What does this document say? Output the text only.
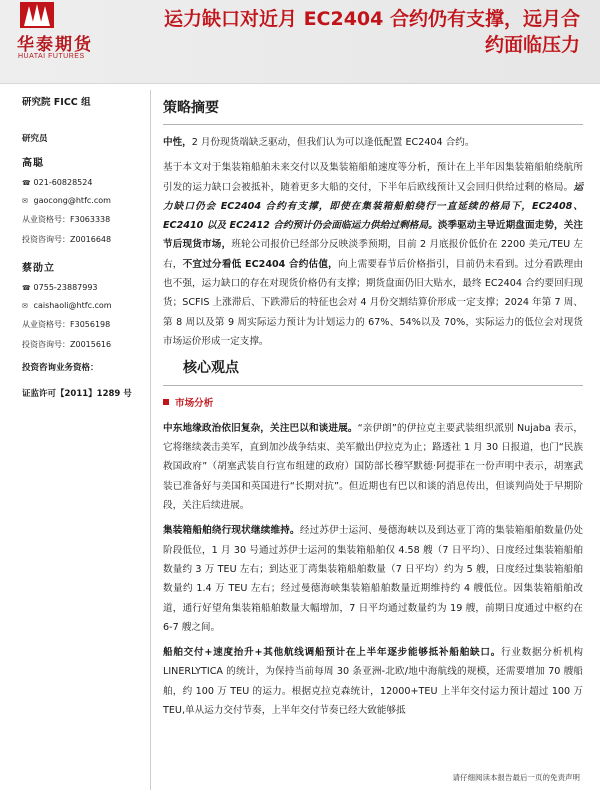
华泰期货
HUATAI FUTURES
运力缺口对近月 EC2404 合约仍有支撑，远月合
约面临压力
研究院 FICC 组
研究员
高聪
☎ 021-60828524
✉ gaocong@htfc.com
从业资格号：F3063338
投资咨询号：Z0016648
蔡劭立
☎ 0755-23887993
✉ caishaoli@htfc.com
从业资格号：F3056198
投资咨询号：Z0015616
投资咨询业务资格：
证监许可【2011】1289 号
策略摘要

中性，2 月份现货端缺乏驱动，但我们认为可以逢低配置 EC2404 合约。

基于本文对于集装箱船舶未来交付以及集装箱船舶速度等分析，预计在上半年因集装箱船舶绕航所引发的运力缺口会被抵补，随着更多大船的交付，下半年后欧线预计又会回归供给过剩的格局。运力缺口仍会 EC2404 合约有支撑，即使在集装箱船舶绕行一直延续的格局下，EC2408、EC2410 以及 EC2412 合约预计仍会面临运力供给过剩格局。淡季驱动主导近期盘面走势，关注节后现货市场，班轮公司报价已经部分反映淡季预期，目前 2 月底报价低价在 2200 美元/TEU 左右，不宜过分看低 EC2404 合约估值，向上需要春节后价格指引，目前仍未看到。过分看跌理由也不强，运力缺口的存在对现货价格仍有支撑；期货盘面仍旧大贴水，最终 EC2404 合约要回归现货；SCFIS 上涨滞后、下跌滞后的特征也会对 4 月份交割结算价形成一定支撑；2024 年第 7 周、第 8 周以及第 9 周实际运力预计为计划运力的 67%、54%以及 70%，实际运力的低位会对现货市场运价形成一定支撑。

核心观点
市场分析

中东地缘政治依旧复杂，关注巴以和谈进展。“亲伊朗”的伊拉克主要武装组织派别 Nujaba 表示，它将继续袭击美军，直到加沙战争结束、美军撤出伊拉克为止；路透社 1 月 30 日报道，也门“民族救国政府”（胡塞武装自行宣布组建的政府）国防部长穆罕默德·阿提菲在一份声明中表示，胡塞武装已准备好与美国和英国进行“长期对抗”。但近期也有巴以和谈的消息传出，但谈判尚处于早期阶段，关注后续进展。

集装箱船舶绕行现状继续维持。经过苏伊士运河、曼德海峡以及到达亚丁湾的集装箱船舶数量仍处阶段低位，1 月 30 号通过苏伊士运河的集装箱船舶仅 4.58 艘（7 日平均）、日度经过集装箱船舶数量约 3 万 TEU 左右；到达亚丁湾集装箱船舶数量（7 日平均）约为 5 艘，日度经过集装箱船舶数量约 1.4 万 TEU 左右；经过曼德海峡集装箱船舶数量近期维持约 4 艘低位。因集装箱船舶改道，通行好望角集装箱船舶数量大幅增加，7 日平均通过数量约为 19 艘，前期日度通过中枢约在 6-7 艘之间。

船舶交付+速度抬升+其他航线调船预计在上半年逐步能够抵补船舶缺口。行业数据分析机构 LINERLYTICA 的统计，为保持当前每周 30 条亚洲-北欧/地中海航线的规模，还需要增加 70 艘船舶，约 100 万 TEU 的运力。根据克拉克森统计，12000+TEU 上半年交付运力预计超过 100 万 TEU,单从运力交付节奏，上半年交付节奏已经大致能够抵

请仔细阅读本报告最后一页的免责声明
